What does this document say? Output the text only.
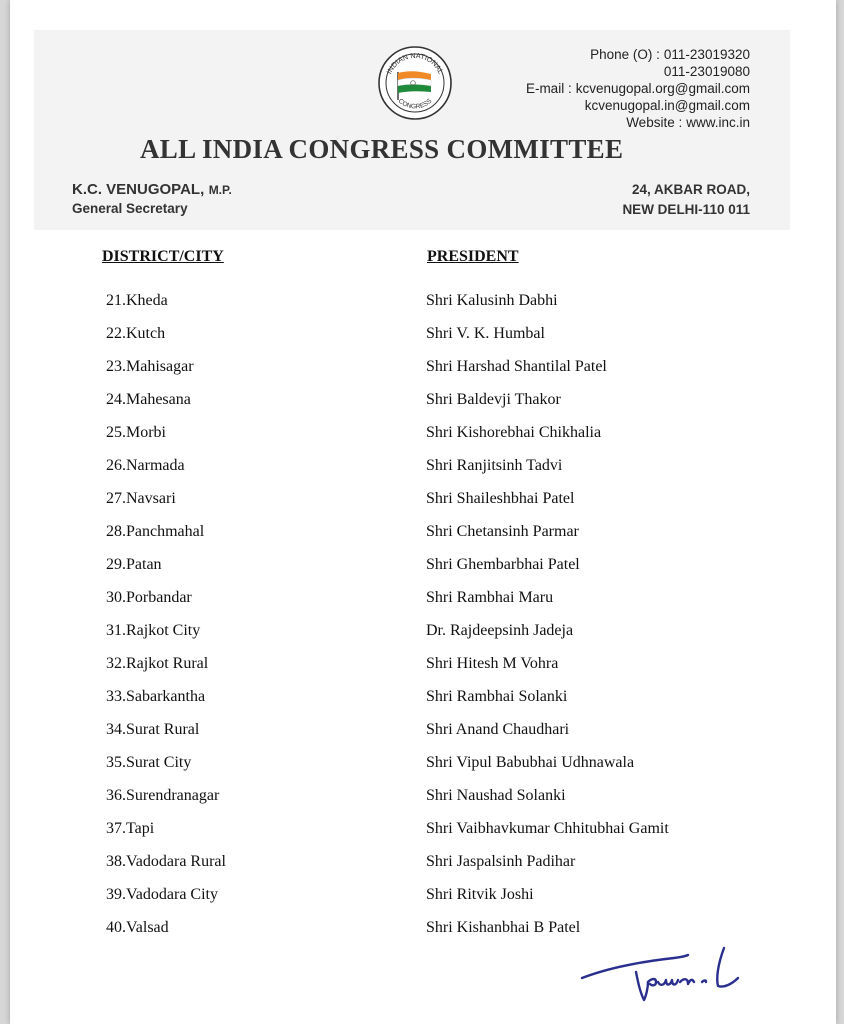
INDIAN NATIONAL
CONGRESS
Phone (O) : 011-23019320
011-23019080
E-mail : kcvenugopal.org@gmail.com
kcvenugopal.in@gmail.com
Website : www.inc.in
ALL INDIA CONGRESS COMMITTEE
K.C. VENUGOPAL, M.P.
General Secretary
24, AKBAR ROAD,
NEW DELHI-110 011
DISTRICT/CITY	PRESIDENT
21.Kheda	Shri Kalusinh Dabhi
22.Kutch	Shri V. K. Humbal
23.Mahisagar	Shri Harshad Shantilal Patel
24.Mahesana	Shri Baldevji Thakor
25.Morbi	Shri Kishorebhai Chikhalia
26.Narmada	Shri Ranjitsinh Tadvi
27.Navsari	Shri Shaileshbhai Patel
28.Panchmahal	Shri Chetansinh Parmar
29.Patan	Shri Ghembarbhai Patel
30.Porbandar	Shri Rambhai Maru
31.Rajkot City	Dr. Rajdeepsinh Jadeja
32.Rajkot Rural	Shri Hitesh M Vohra
33.Sabarkantha	Shri Rambhai Solanki
34.Surat Rural	Shri Anand Chaudhari
35.Surat City	Shri Vipul Babubhai Udhnawala
36.Surendranagar	Shri Naushad Solanki
37.Tapi	Shri Vaibhavkumar Chhitubhai Gamit
38.Vadodara Rural	Shri Jaspalsinh Padihar
39.Vadodara City	Shri Ritvik Joshi
40.Valsad	Shri Kishanbhai B Patel
